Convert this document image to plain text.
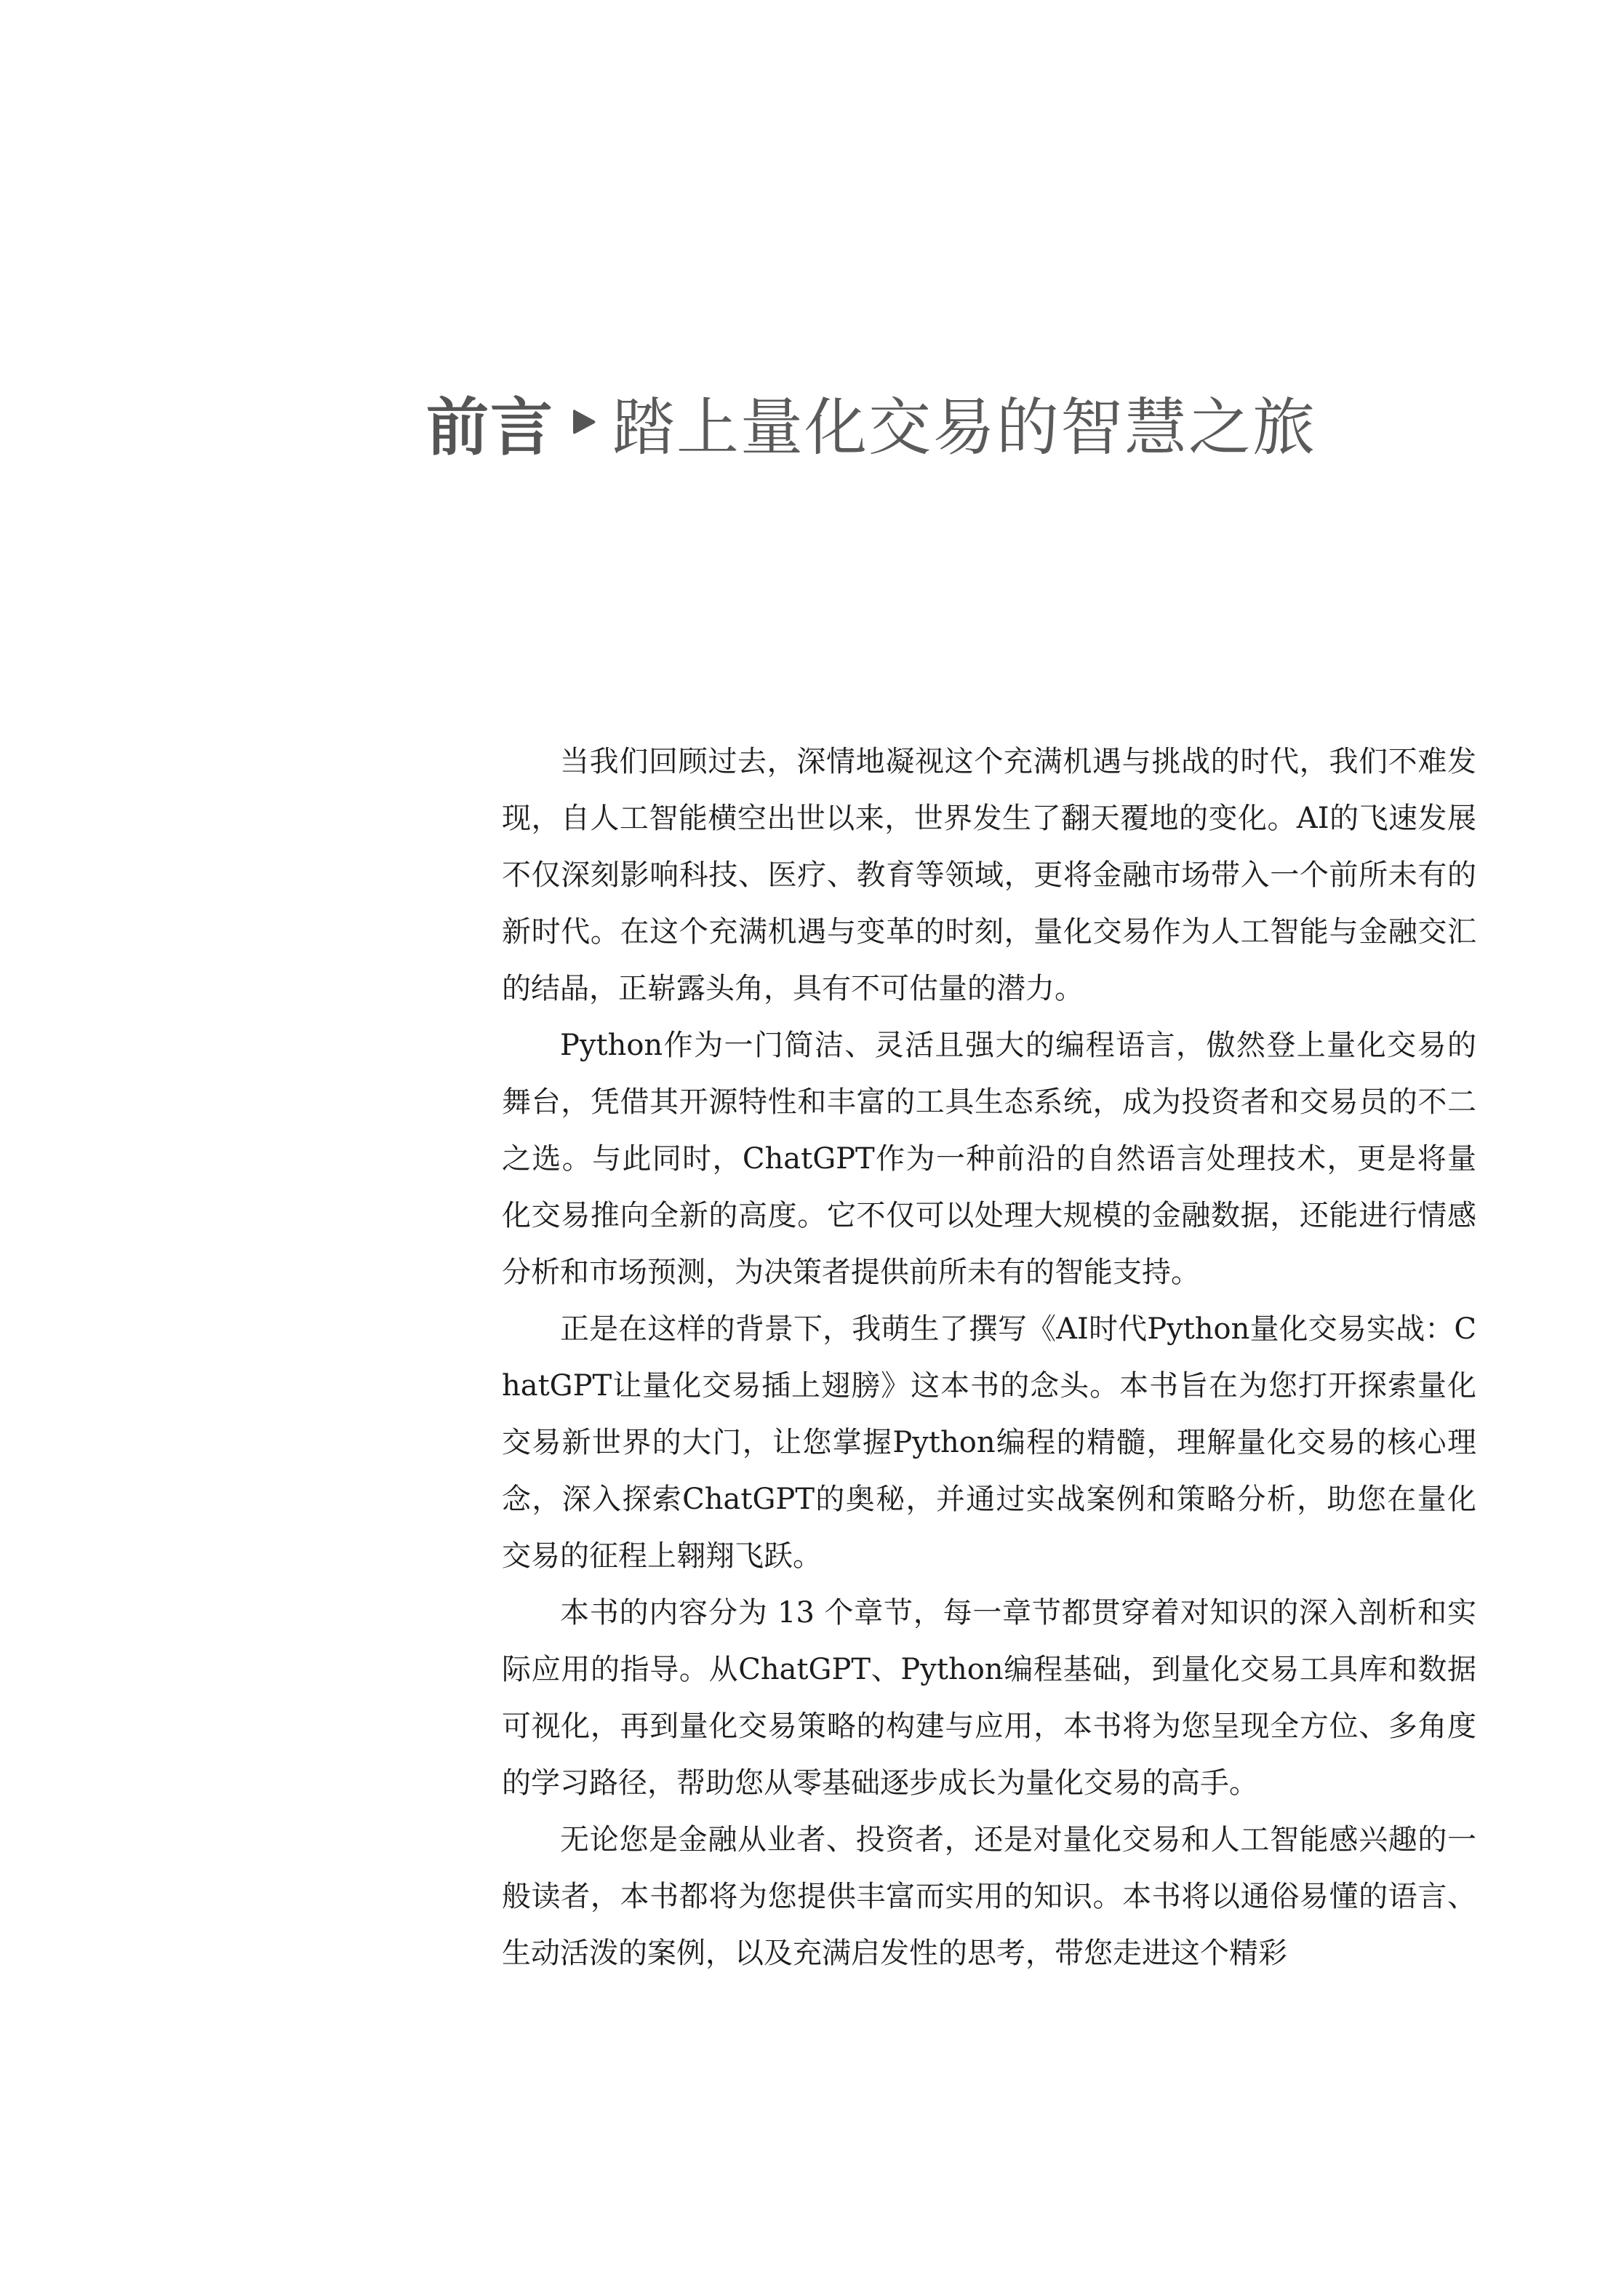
前言 踏上量化交易的智慧之旅

当我们回顾过去，深情地凝视这个充满机遇与挑战的时代，我们不难发现，自人工智能横空出世以来，世界发生了翻天覆地的变化。AI的飞速发展不仅深刻影响科技、医疗、教育等领域，更将金融市场带入一个前所未有的新时代。在这个充满机遇与变革的时刻，量化交易作为人工智能与金融交汇的结晶，正崭露头角，具有不可估量的潜力。

Python作为一门简洁、灵活且强大的编程语言，傲然登上量化交易的舞台，凭借其开源特性和丰富的工具生态系统，成为投资者和交易员的不二之选。与此同时，ChatGPT作为一种前沿的自然语言处理技术，更是将量化交易推向全新的高度。它不仅可以处理大规模的金融数据，还能进行情感分析和市场预测，为决策者提供前所未有的智能支持。

正是在这样的背景下，我萌生了撰写《AI时代Python量化交易实战：ChatGPT让量化交易插上翅膀》这本书的念头。本书旨在为您打开探索量化交易新世界的大门，让您掌握Python编程的精髓，理解量化交易的核心理念，深入探索ChatGPT的奥秘，并通过实战案例和策略分析，助您在量化交易的征程上翱翔飞跃。

本书的内容分为 13 个章节，每一章节都贯穿着对知识的深入剖析和实际应用的指导。从ChatGPT、Python编程基础，到量化交易工具库和数据可视化，再到量化交易策略的构建与应用，本书将为您呈现全方位、多角度的学习路径，帮助您从零基础逐步成长为量化交易的高手。

无论您是金融从业者、投资者，还是对量化交易和人工智能感兴趣的一般读者，本书都将为您提供丰富而实用的知识。本书将以通俗易懂的语言、生动活泼的案例，以及充满启发性的思考，带您走进这个精彩
